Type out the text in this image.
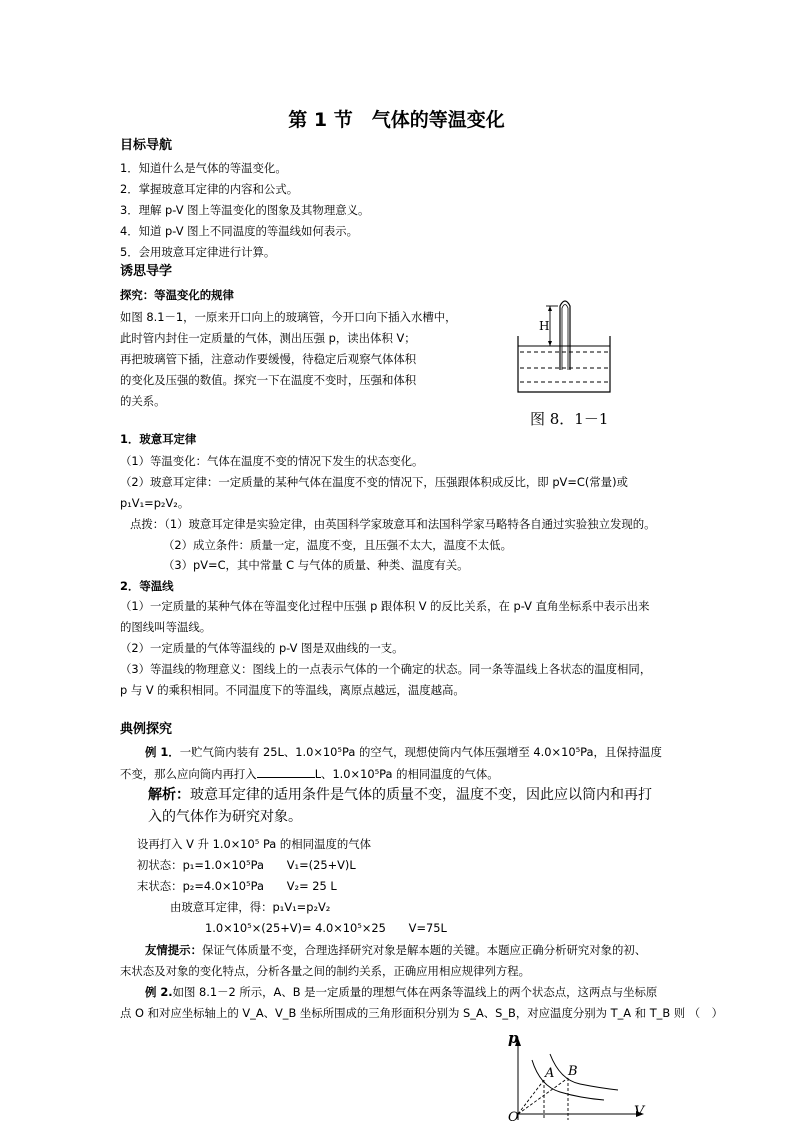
第 1 节　气体的等温变化
目标导航
1．知道什么是气体的等温变化。
2．掌握玻意耳定律的内容和公式。
3．理解 p-V 图上等温变化的图象及其物理意义。
4．知道 p-V 图上不同温度的等温线如何表示。
5．会用玻意耳定律进行计算。
诱思导学
探究：等温变化的规律
如图 8.1－1，一原来开口向上的玻璃管，今开口向下插入水槽中，
此时管内封住一定质量的气体，测出压强 p，读出体积 V；
再把玻璃管下插，注意动作要缓慢，待稳定后观察气体体积
的变化及压强的数值。探究一下在温度不变时，压强和体积
的关系。
H
图 8．1－1
1．玻意耳定律
（1）等温变化：气体在温度不变的情况下发生的状态变化。
（2）玻意耳定律：一定质量的某种气体在温度不变的情况下，压强跟体积成反比，即 pV=C(常量)或
p₁V₁=p₂V₂。
点拨：（1）玻意耳定律是实验定律，由英国科学家玻意耳和法国科学家马略特各自通过实验独立发现的。
（2）成立条件：质量一定，温度不变，且压强不太大，温度不太低。
（3）pV=C，其中常量 C 与气体的质量、种类、温度有关。
2．等温线
（1）一定质量的某种气体在等温变化过程中压强 p 跟体积 V 的反比关系，在 p-V 直角坐标系中表示出来
的图线叫等温线。
（2）一定质量的气体等温线的 p-V 图是双曲线的一支。
（3）等温线的物理意义：图线上的一点表示气体的一个确定的状态。同一条等温线上各状态的温度相同，
p 与 V 的乘积相同。不同温度下的等温线，离原点越远，温度越高。
典例探究
例 1．一贮气筒内装有 25L、1.0×10⁵Pa 的空气，现想使筒内气体压强增至 4.0×10⁵Pa，且保持温度
不变，那么应向筒内再打入	L、1.0×10⁵Pa 的相同温度的气体。
解析：玻意耳定律的适用条件是气体的质量不变，温度不变，因此应以筒内和再打
入的气体作为研究对象。
设再打入 V 升 1.0×10⁵ Pa 的相同温度的气体
初状态：p₁=1.0×10⁵Pa　　V₁=(25+V)L
末状态：p₂=4.0×10⁵Pa　　V₂= 25 L
由玻意耳定律，得：p₁V₁=p₂V₂
1.0×10⁵×(25+V)= 4.0×10⁵×25　　V=75L
友情提示：保证气体质量不变，合理选择研究对象是解本题的关键。本题应正确分析研究对象的初、
末状态及对象的变化特点，分析各量之间的制约关系，正确应用相应规律列方程。
例 2.如图 8.1－2 所示，A、B 是一定质量的理想气体在两条等温线上的两个状态点，这两点与坐标原
点 O 和对应坐标轴上的 V_A、V_B 坐标所围成的三角形面积分别为 S_A、S_B，对应温度分别为 T_A 和 T_B 则 （　）
p
V
A B
O
